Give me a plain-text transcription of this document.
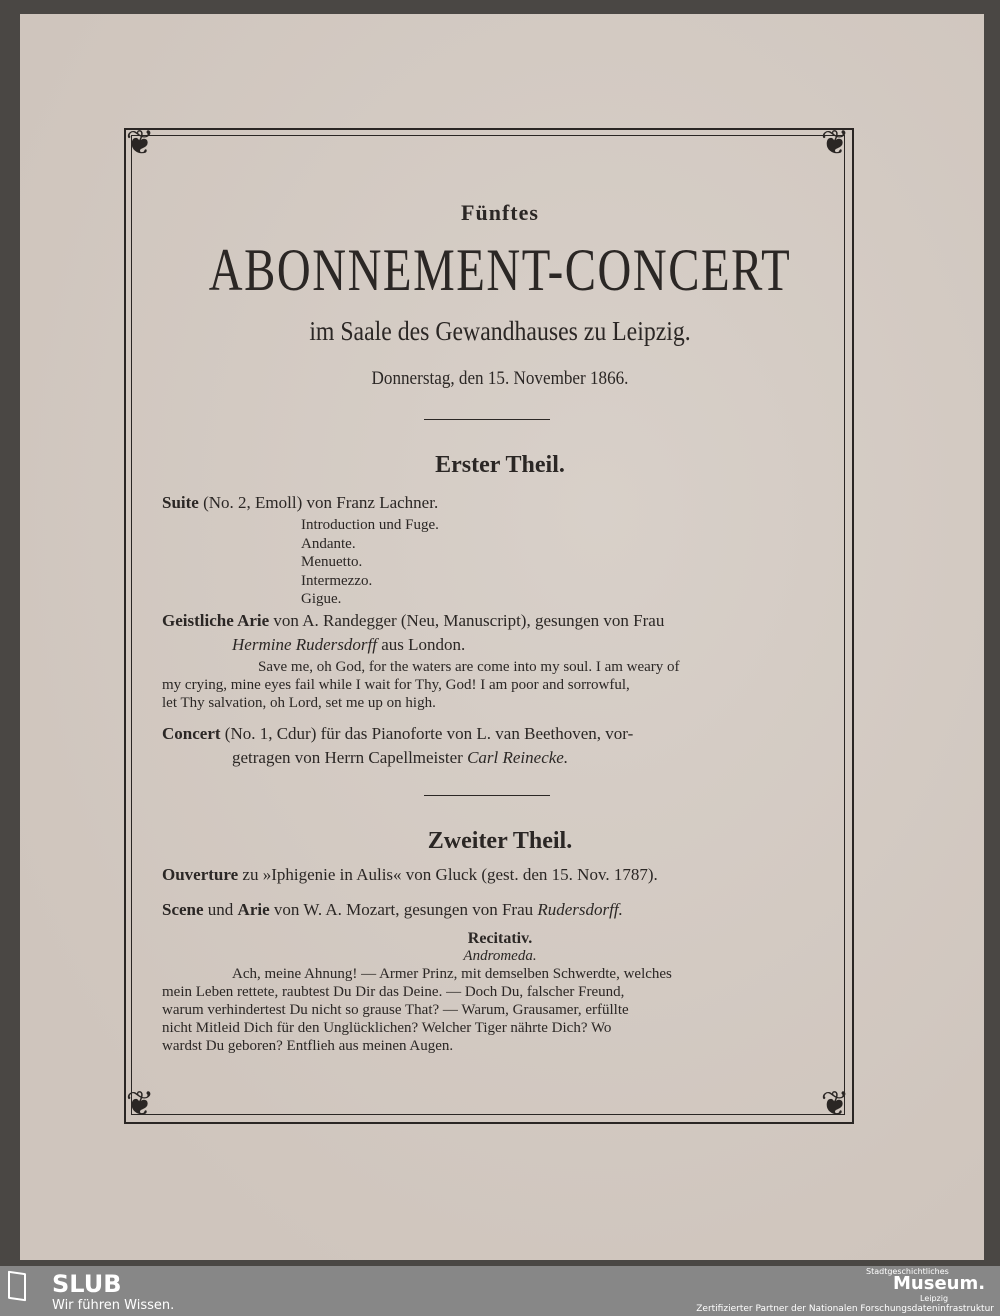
❦	❦
❦	❦
Fünftes
ABONNEMENT-CONCERT
im Saale des Gewandhauses zu Leipzig.
Donnerstag, den 15. November 1866.
Erster Theil.
Suite (No. 2, Emoll) von Franz Lachner.
Introduction und Fuge.
Andante.
Menuetto.
Intermezzo.
Gigue.
Geistliche Arie von A. Randegger (Neu, Manuscript), gesungen von Frau
Hermine Rudersdorff aus London.
Save me, oh God, for the waters are come into my soul. I am weary of
my crying, mine eyes fail while I wait for Thy, God! I am poor and sorrowful,
let Thy salvation, oh Lord, set me up on high.
Concert (No. 1, Cdur) für das Pianoforte von L. van Beethoven, vor-
getragen von Herrn Capellmeister Carl Reinecke.
Zweiter Theil.
Ouverture zu »Iphigenie in Aulis« von Gluck (gest. den 15. Nov. 1787).
Scene und Arie von W. A. Mozart, gesungen von Frau Rudersdorff.
Recitativ.
Andromeda.
Ach, meine Ahnung! — Armer Prinz, mit demselben Schwerdte, welches
mein Leben rettete, raubtest Du Dir das Deine. — Doch Du, falscher Freund,
warum verhindertest Du nicht so grause That? — Warum, Grausamer, erfüllte
nicht Mitleid Dich für den Unglücklichen? Welcher Tiger nährte Dich? Wo
wardst Du geboren? Entflieh aus meinen Augen.
SLUB
Wir führen Wissen.
Stadtgeschichtliches
Museum.
Leipzig
Zertifizierter Partner der Nationalen Forschungsdateninfrastruktur
